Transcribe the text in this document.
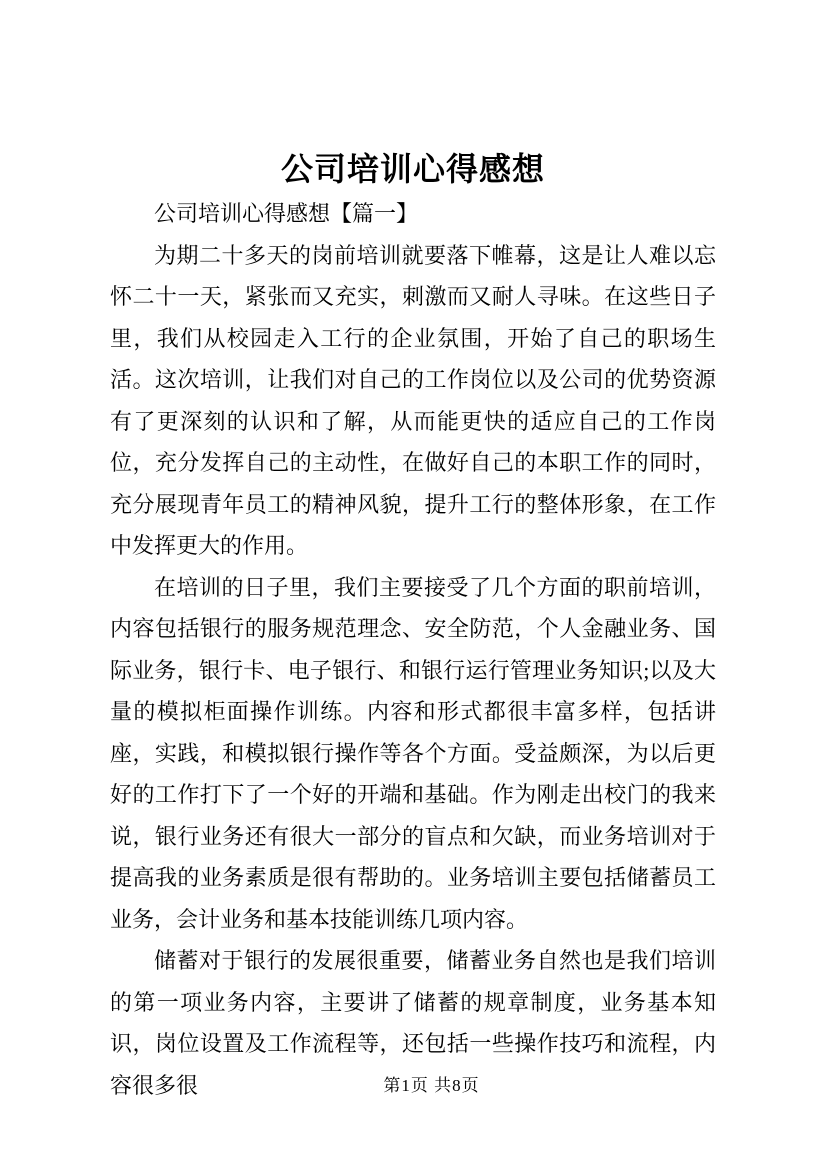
公司培训心得感想

公司培训心得感想【篇一】

为期二十多天的岗前培训就要落下帷幕，这是让人难以忘怀二十一天，紧张而又充实，刺激而又耐人寻味。在这些日子里，我们从校园走入工行的企业氛围，开始了自己的职场生活。这次培训，让我们对自己的工作岗位以及公司的优势资源有了更深刻的认识和了解，从而能更快的适应自己的工作岗位，充分发挥自己的主动性，在做好自己的本职工作的同时，充分展现青年员工的精神风貌，提升工行的整体形象，在工作中发挥更大的作用。

在培训的日子里，我们主要接受了几个方面的职前培训，内容包括银行的服务规范理念、安全防范，个人金融业务、国际业务，银行卡、电子银行、和银行运行管理业务知识;以及大量的模拟柜面操作训练。内容和形式都很丰富多样，包括讲座，实践，和模拟银行操作等各个方面。受益颇深，为以后更好的工作打下了一个好的开端和基础。作为刚走出校门的我来说，银行业务还有很大一部分的盲点和欠缺，而业务培训对于提高我的业务素质是很有帮助的。业务培训主要包括储蓄员工业务，会计业务和基本技能训练几项内容。

储蓄对于银行的发展很重要，储蓄业务自然也是我们培训的第一项业务内容，主要讲了储蓄的规章制度，业务基本知识，岗位设置及工作流程等，还包括一些操作技巧和流程，内容很多很	第1页 共8页
